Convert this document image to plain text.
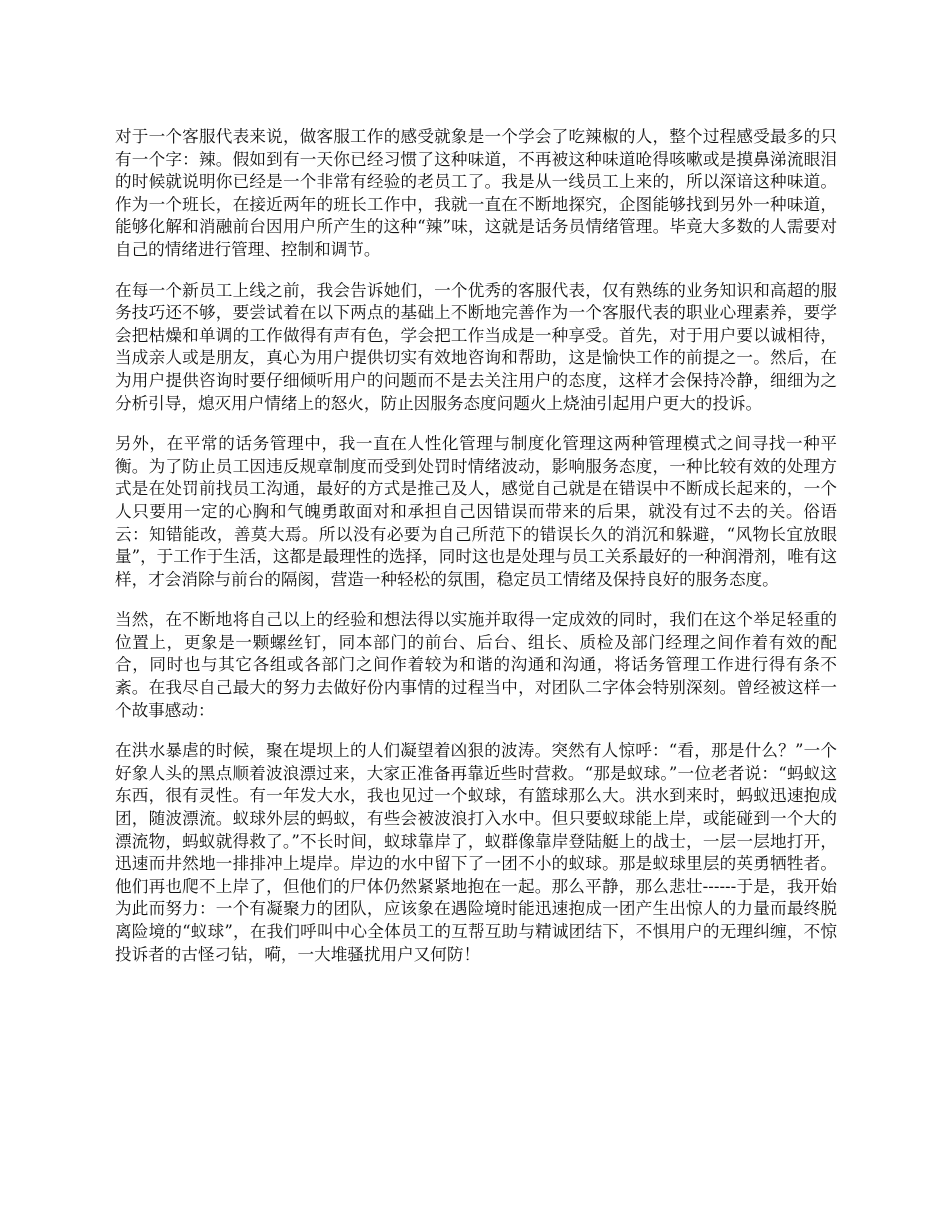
对于一个客服代表来说，做客服工作的感受就象是一个学会了吃辣椒的人，整个过程感受最多的只有一个字：辣。假如到有一天你已经习惯了这种味道，不再被这种味道呛得咳嗽或是摸鼻涕流眼泪的时候就说明你已经是一个非常有经验的老员工了。我是从一线员工上来的，所以深谙这种味道。作为一个班长，在接近两年的班长工作中，我就一直在不断地探究，企图能够找到另外一种味道，能够化解和消融前台因用户所产生的这种“辣”味，这就是话务员情绪管理。毕竟大多数的人需要对自己的情绪进行管理、控制和调节。

在每一个新员工上线之前，我会告诉她们，一个优秀的客服代表，仅有熟练的业务知识和高超的服务技巧还不够，要尝试着在以下两点的基础上不断地完善作为一个客服代表的职业心理素养，要学会把枯燥和单调的工作做得有声有色，学会把工作当成是一种享受。首先，对于用户要以诚相待，当成亲人或是朋友，真心为用户提供切实有效地咨询和帮助，这是愉快工作的前提之一。然后，在为用户提供咨询时要仔细倾听用户的问题而不是去关注用户的态度，这样才会保持冷静，细细为之分析引导，熄灭用户情绪上的怒火，防止因服务态度问题火上烧油引起用户更大的投诉。

另外，在平常的话务管理中，我一直在人性化管理与制度化管理这两种管理模式之间寻找一种平衡。为了防止员工因违反规章制度而受到处罚时情绪波动，影响服务态度，一种比较有效的处理方式是在处罚前找员工沟通，最好的方式是推己及人，感觉自己就是在错误中不断成长起来的，一个人只要用一定的心胸和气魄勇敢面对和承担自己因错误而带来的后果，就没有过不去的关。俗语云：知错能改，善莫大焉。所以没有必要为自己所范下的错误长久的消沉和躲避，“风物长宜放眼量”，于工作于生活，这都是最理性的选择，同时这也是处理与员工关系最好的一种润滑剂，唯有这样，才会消除与前台的隔阂，营造一种轻松的氛围，稳定员工情绪及保持良好的服务态度。

当然，在不断地将自己以上的经验和想法得以实施并取得一定成效的同时，我们在这个举足轻重的位置上，更象是一颗螺丝钉，同本部门的前台、后台、组长、质检及部门经理之间作着有效的配合，同时也与其它各组或各部门之间作着较为和谐的沟通和沟通，将话务管理工作进行得有条不紊。在我尽自己最大的努力去做好份内事情的过程当中，对团队二字体会特别深刻。曾经被这样一个故事感动：

在洪水暴虐的时候，聚在堤坝上的人们凝望着凶狠的波涛。突然有人惊呼：“看，那是什么？”一个好象人头的黑点顺着波浪漂过来，大家正准备再靠近些时营救。“那是蚁球。”一位老者说：“蚂蚁这东西，很有灵性。有一年发大水，我也见过一个蚁球，有篮球那么大。洪水到来时，蚂蚁迅速抱成团，随波漂流。蚁球外层的蚂蚁，有些会被波浪打入水中。但只要蚁球能上岸，或能碰到一个大的漂流物，蚂蚁就得救了。”不长时间，蚁球靠岸了，蚁群像靠岸登陆艇上的战士，一层一层地打开，迅速而井然地一排排冲上堤岸。岸边的水中留下了一团不小的蚁球。那是蚁球里层的英勇牺牲者。他们再也爬不上岸了，但他们的尸体仍然紧紧地抱在一起。那么平静，那么悲壮------于是，我开始为此而努力：一个有凝聚力的团队，应该象在遇险境时能迅速抱成一团产生出惊人的力量而最终脱离险境的“蚁球”，在我们呼叫中心全体员工的互帮互助与精诚团结下，不惧用户的无理纠缠，不惊投诉者的古怪刁钻，嗬，一大堆骚扰用户又何防！
